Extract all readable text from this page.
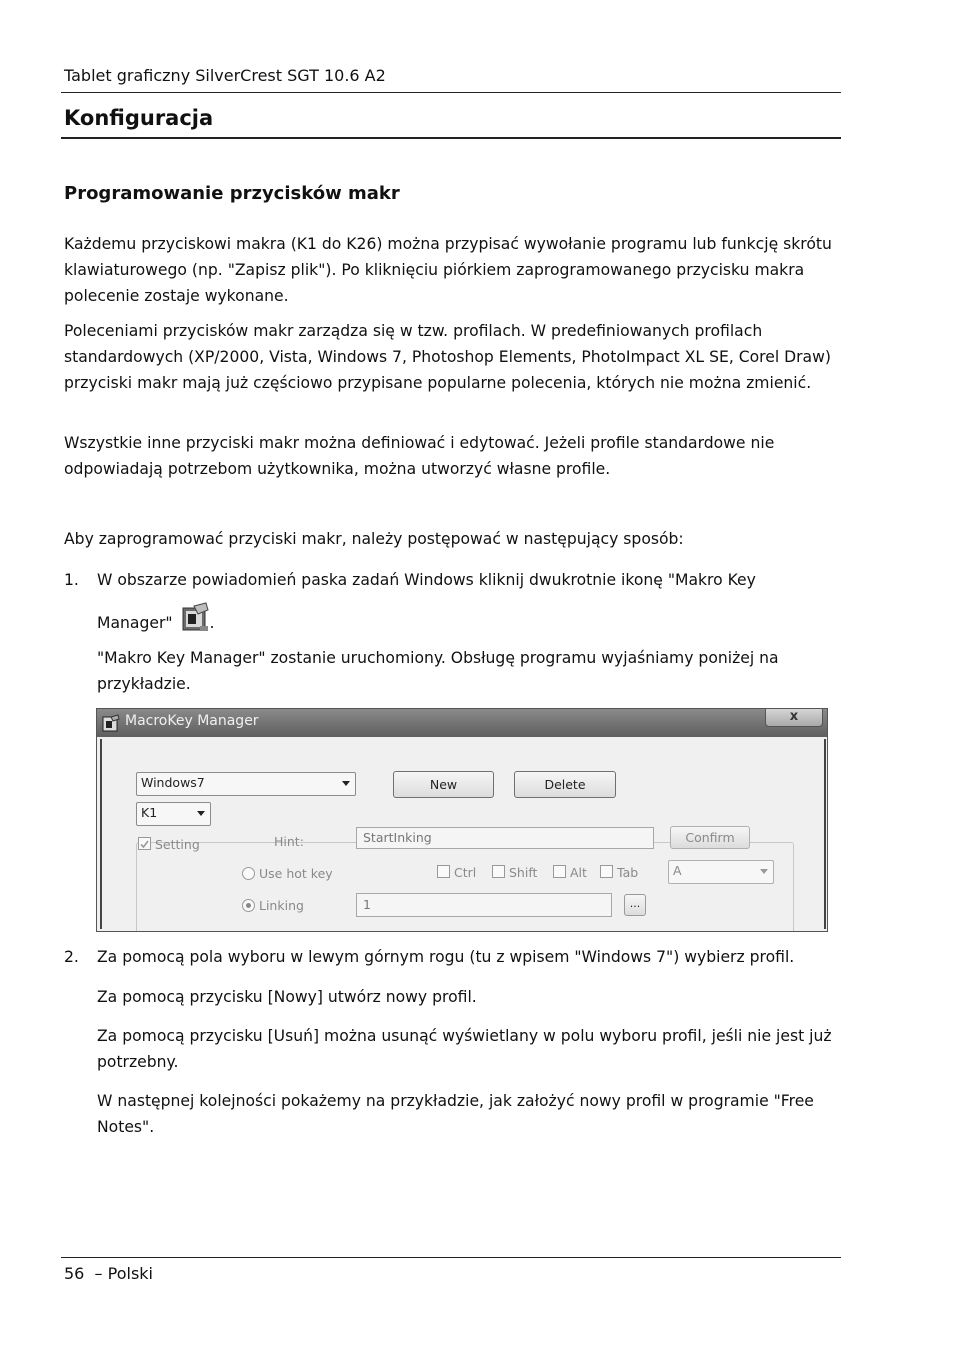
Tablet graficzny SilverCrest SGT 10.6 A2
Konfiguracja
Programowanie przycisków makr
Każdemu przyciskowi makra (K1 do K26) można przypisać wywołanie programu lub funkcję skrótu klawiaturowego (np. "Zapisz plik"). Po kliknięciu piórkiem zaprogramowanego przycisku makra polecenie zostaje wykonane.
Poleceniami przycisków makr zarządza się w tzw. profilach. W predefiniowanych profilach standardowych (XP/2000, Vista, Windows 7, Photoshop Elements, PhotoImpact XL SE, Corel Draw) przyciski makr mają już częściowo przypisane popularne polecenia, których nie można zmienić.
Wszystkie inne przyciski makr można definiować i edytować. Jeżeli profile standardowe nie odpowiadają potrzebom użytkownika, można utworzyć własne profile.
Aby zaprogramować przyciski makr, należy postępować w następujący sposób:
1. W obszarze powiadomień paska zadań Windows kliknij dwukrotnie ikonę "Makro Key
Manager" .
"Makro Key Manager" zostanie uruchomiony. Obsługę programu wyjaśniamy poniżej na przykładzie.
MacroKey Manager	x
Windows7	New	Delete
K1
Setting	Hint:	StartInking	Confirm
Use hot key	Ctrl	Shift	Alt Tab	A
Linking	1	...
2. Za pomocą pola wyboru w lewym górnym rogu (tu z wpisem "Windows 7") wybierz profil.
Za pomocą przycisku [Nowy] utwórz nowy profil.
Za pomocą przycisku [Usuń] można usunąć wyświetlany w polu wyboru profil, jeśli nie jest już potrzebny.
W następnej kolejności pokażemy na przykładzie, jak założyć nowy profil w programie "Free Notes".
56 – Polski
